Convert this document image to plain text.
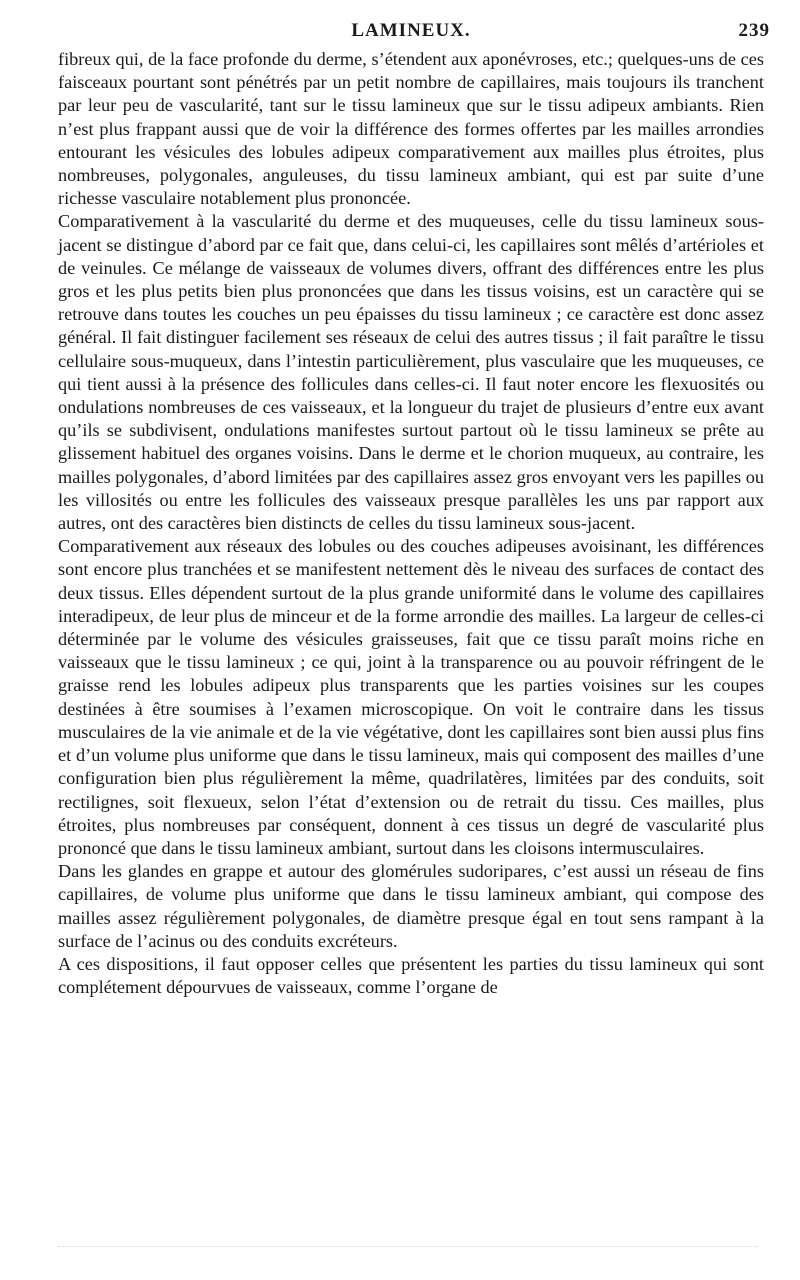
LAMINEUX.	239

fibreux qui, de la face profonde du derme, s’étendent aux aponévroses, etc.; quelques-uns de ces faisceaux pourtant sont pénétrés par un petit nombre de capillaires, mais toujours ils tranchent par leur peu de vascularité, tant sur le tissu lamineux que sur le tissu adipeux ambiants. Rien n’est plus frappant aussi que de voir la différence des formes offertes par les mailles arrondies entourant les vésicules des lobules adipeux comparativement aux mailles plus étroites, plus nombreuses, polygonales, anguleuses, du tissu lamineux ambiant, qui est par suite d’une richesse vasculaire notablement plus prononcée.

Comparativement à la vascularité du derme et des muqueuses, celle du tissu lamineux sous-jacent se distingue d’abord par ce fait que, dans celui-ci, les capillaires sont mêlés d’artérioles et de veinules. Ce mélange de vaisseaux de volumes divers, offrant des différences entre les plus gros et les plus petits bien plus prononcées que dans les tissus voisins, est un caractère qui se retrouve dans toutes les couches un peu épaisses du tissu lamineux ; ce caractère est donc assez général. Il fait distinguer facilement ses réseaux de celui des autres tissus ; il fait paraître le tissu cellulaire sous-muqueux, dans l’intestin particulièrement, plus vasculaire que les muqueuses, ce qui tient aussi à la présence des follicules dans celles-ci. Il faut noter encore les flexuosités ou ondulations nombreuses de ces vaisseaux, et la longueur du trajet de plusieurs d’entre eux avant qu’ils se subdivisent, ondulations manifestes surtout partout où le tissu lamineux se prête au glissement habituel des organes voisins. Dans le derme et le chorion muqueux, au contraire, les mailles polygonales, d’abord limitées par des capillaires assez gros envoyant vers les papilles ou les villosités ou entre les follicules des vaisseaux presque parallèles les uns par rapport aux autres, ont des caractères bien distincts de celles du tissu lamineux sous-jacent.

Comparativement aux réseaux des lobules ou des couches adipeuses avoisinant, les différences sont encore plus tranchées et se manifestent nettement dès le niveau des surfaces de contact des deux tissus. Elles dépendent surtout de la plus grande uniformité dans le volume des capillaires interadipeux, de leur plus de minceur et de la forme arrondie des mailles. La largeur de celles-ci déterminée par le volume des vésicules graisseuses, fait que ce tissu paraît moins riche en vaisseaux que le tissu lamineux ; ce qui, joint à la transparence ou au pouvoir réfringent de le graisse rend les lobules adipeux plus transparents que les parties voisines sur les coupes destinées à être soumises à l’examen microscopique. On voit le contraire dans les tissus musculaires de la vie animale et de la vie végétative, dont les capillaires sont bien aussi plus fins et d’un volume plus uniforme que dans le tissu lamineux, mais qui composent des mailles d’une configuration bien plus régulièrement la même, quadrilatères, limitées par des conduits, soit rectilignes, soit flexueux, selon l’état d’extension ou de retrait du tissu. Ces mailles, plus étroites, plus nombreuses par conséquent, donnent à ces tissus un degré de vascularité plus prononcé que dans le tissu lamineux ambiant, surtout dans les cloisons intermusculaires.

Dans les glandes en grappe et autour des glomérules sudoripares, c’est aussi un réseau de fins capillaires, de volume plus uniforme que dans le tissu lamineux ambiant, qui compose des mailles assez régulièrement polygonales, de diamètre presque égal en tout sens rampant à la surface de l’acinus ou des conduits excréteurs.

A ces dispositions, il faut opposer celles que présentent les parties du tissu lamineux qui sont complétement dépourvues de vaisseaux, comme l’organe de
